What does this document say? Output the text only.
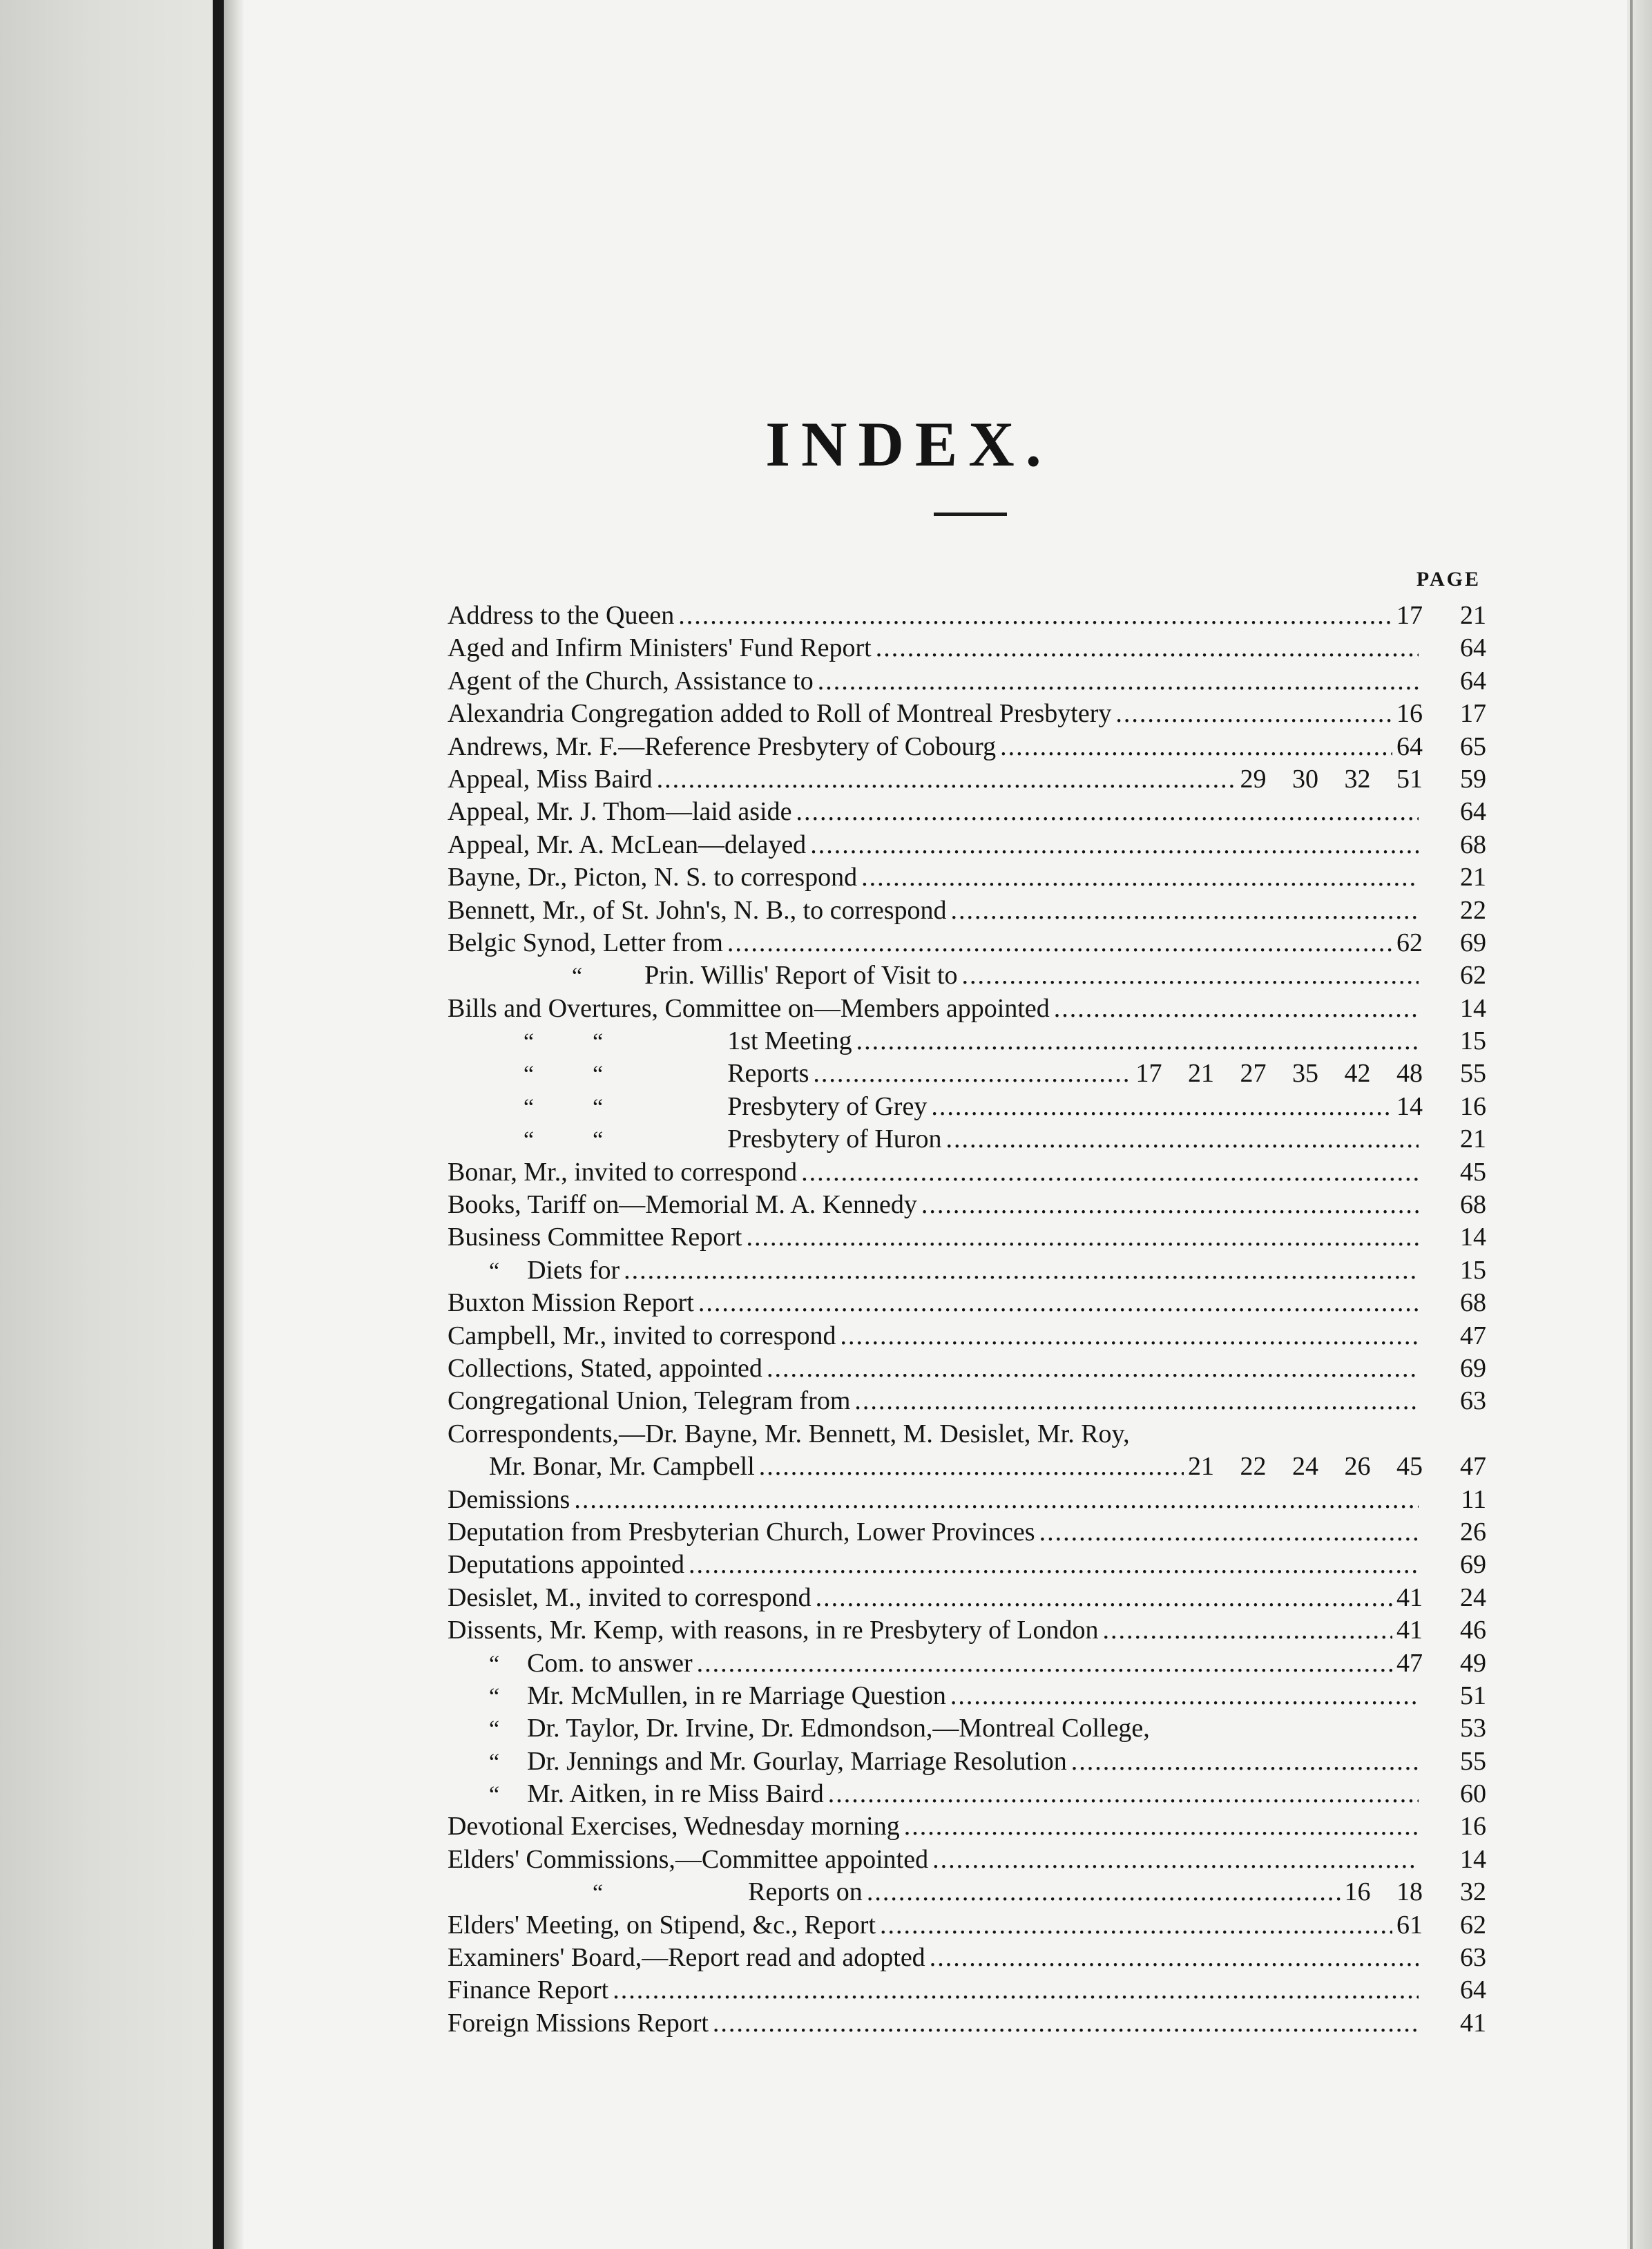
INDEX.
PAGE
Address to the Queen .....	17	21
Aged and Infirm Ministers' Fund Report .....	64
Agent of the Church, Assistance to .....	64
Alexandria Congregation added to Roll of Montreal Presbytery .....	16	17
Andrews, Mr. F.—Reference Presbytery of Cobourg .....	64	65
Appeal, Miss Baird .....	29 30 32 51	59
Appeal, Mr. J. Thom—laid aside .....	64
Appeal, Mr. A. McLean—delayed .....	68
Bayne, Dr., Picton, N. S. to correspond .....	21
Bennett, Mr., of St. John's, N. B., to correspond .....	22
Belgic Synod, Letter from .....	62	69
“ Prin. Willis' Report of Visit to .....	62
Bills and Overtures, Committee on—Members appointed .....	14
“          “	1st Meeting .....	15
“          “	Reports .....	17 21 27 35 42 48	55
“          “	Presbytery of Grey .....	14	16
“          “	Presbytery of Huron .....	21
Bonar, Mr., invited to correspond .....	45
Books, Tariff on—Memorial M. A. Kennedy .....	68
Business Committee Report .....	14
“ Diets for .....	15
Buxton Mission Report .....	68
Campbell, Mr., invited to correspond .....	47
Collections, Stated, appointed .....	69
Congregational Union, Telegram from .....	63
Correspondents,—Dr. Bayne, Mr. Bennett, M. Desislet, Mr. Roy,
Mr. Bonar, Mr. Campbell .....	21 22 24 26 45	47
Demissions .....	11
Deputation from Presbyterian Church, Lower Provinces .....	26
Deputations appointed .....	69
Desislet, M., invited to correspond .....	41	24
Dissents, Mr. Kemp, with reasons, in re Presbytery of London .....	41	46
“ Com. to answer .....	47	49
“ Mr. McMullen, in re Marriage Question .....	51
“ Dr. Taylor, Dr. Irvine, Dr. Edmondson,—Montreal College,	53
“ Dr. Jennings and Mr. Gourlay, Marriage Resolution .....	55
“ Mr. Aitken, in re Miss Baird .....	60
Devotional Exercises, Wednesday morning .....	16
Elders' Commissions,—Committee appointed .....	14
“	Reports on .....	16 18	32
Elders' Meeting, on Stipend, &c., Report .....	61	62
Examiners' Board,—Report read and adopted .....	63
Finance Report .....	64
Foreign Missions Report .....	41
